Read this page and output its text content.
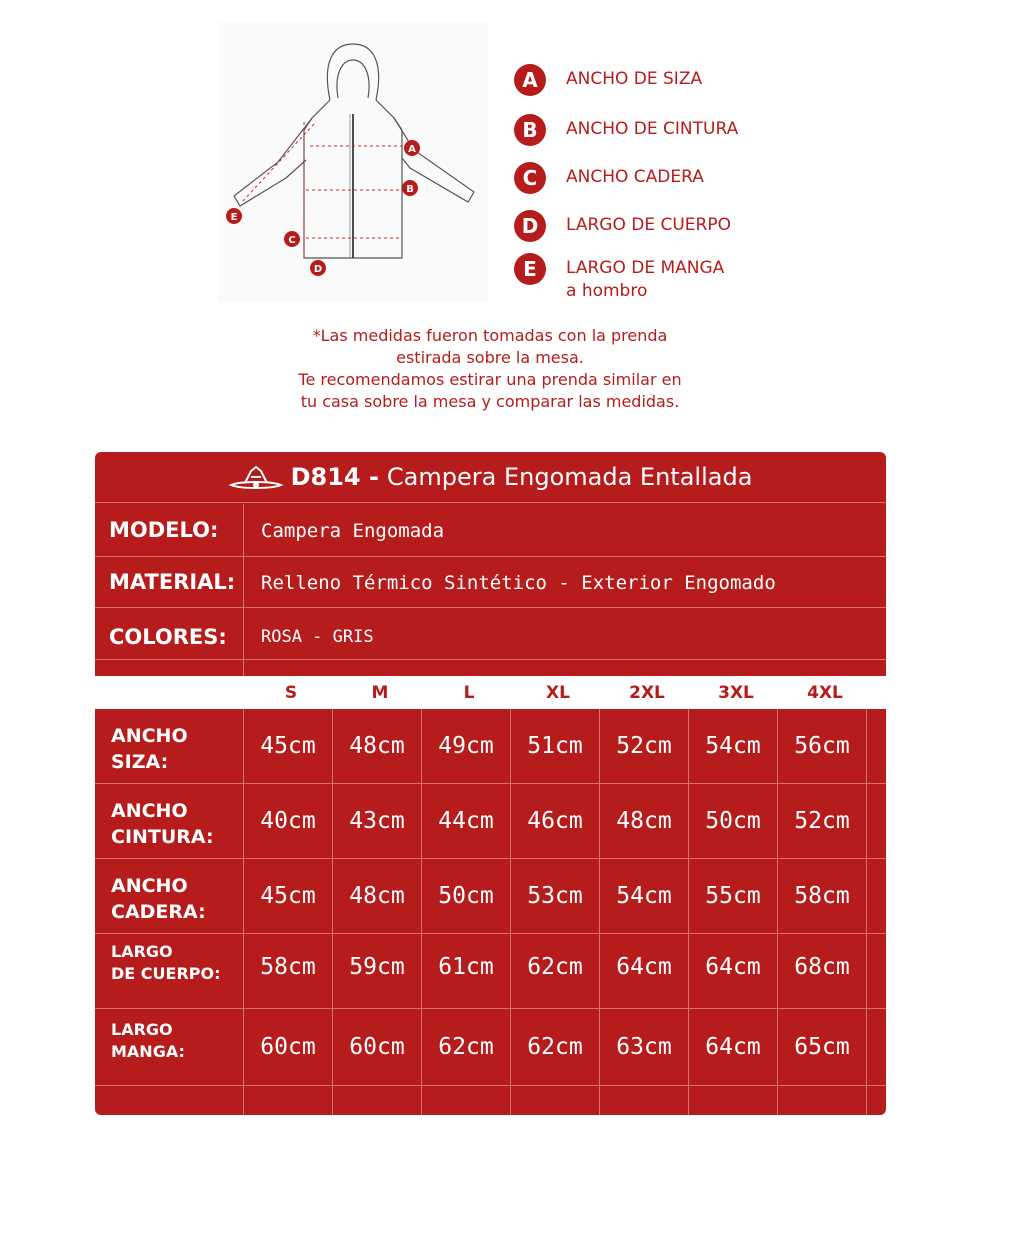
A
B
C
D
E
A	ANCHO DE SIZA
B	ANCHO DE CINTURA
C	ANCHO CADERA
D	LARGO DE CUERPO
E	LARGO DE MANGA
a hombro
*Las medidas fueron tomadas con la prenda
estirada sobre la mesa.
Te recomendamos estirar una prenda similar en
tu casa sobre la mesa y comparar las medidas.
D814 - Campera Engomada Entallada
MODELO: Campera Engomada
MATERIAL: Relleno Térmico Sintético - Exterior Engomado
COLORES: ROSA - GRIS
S	M	L	XL	2XL	3XL	4XL
ANCHO
SIZA:
45cm	48cm	49cm	51cm	52cm	54cm	56cm
ANCHO
CINTURA:
40cm	43cm	44cm	46cm	48cm	50cm	52cm
ANCHO
CADERA:
45cm	48cm	50cm	53cm	54cm	55cm	58cm
LARGO
DE CUERPO:	58cm	59cm	61cm	62cm	64cm	64cm	68cm
LARGO
MANGA:	60cm	60cm	62cm	62cm	63cm	64cm	65cm
